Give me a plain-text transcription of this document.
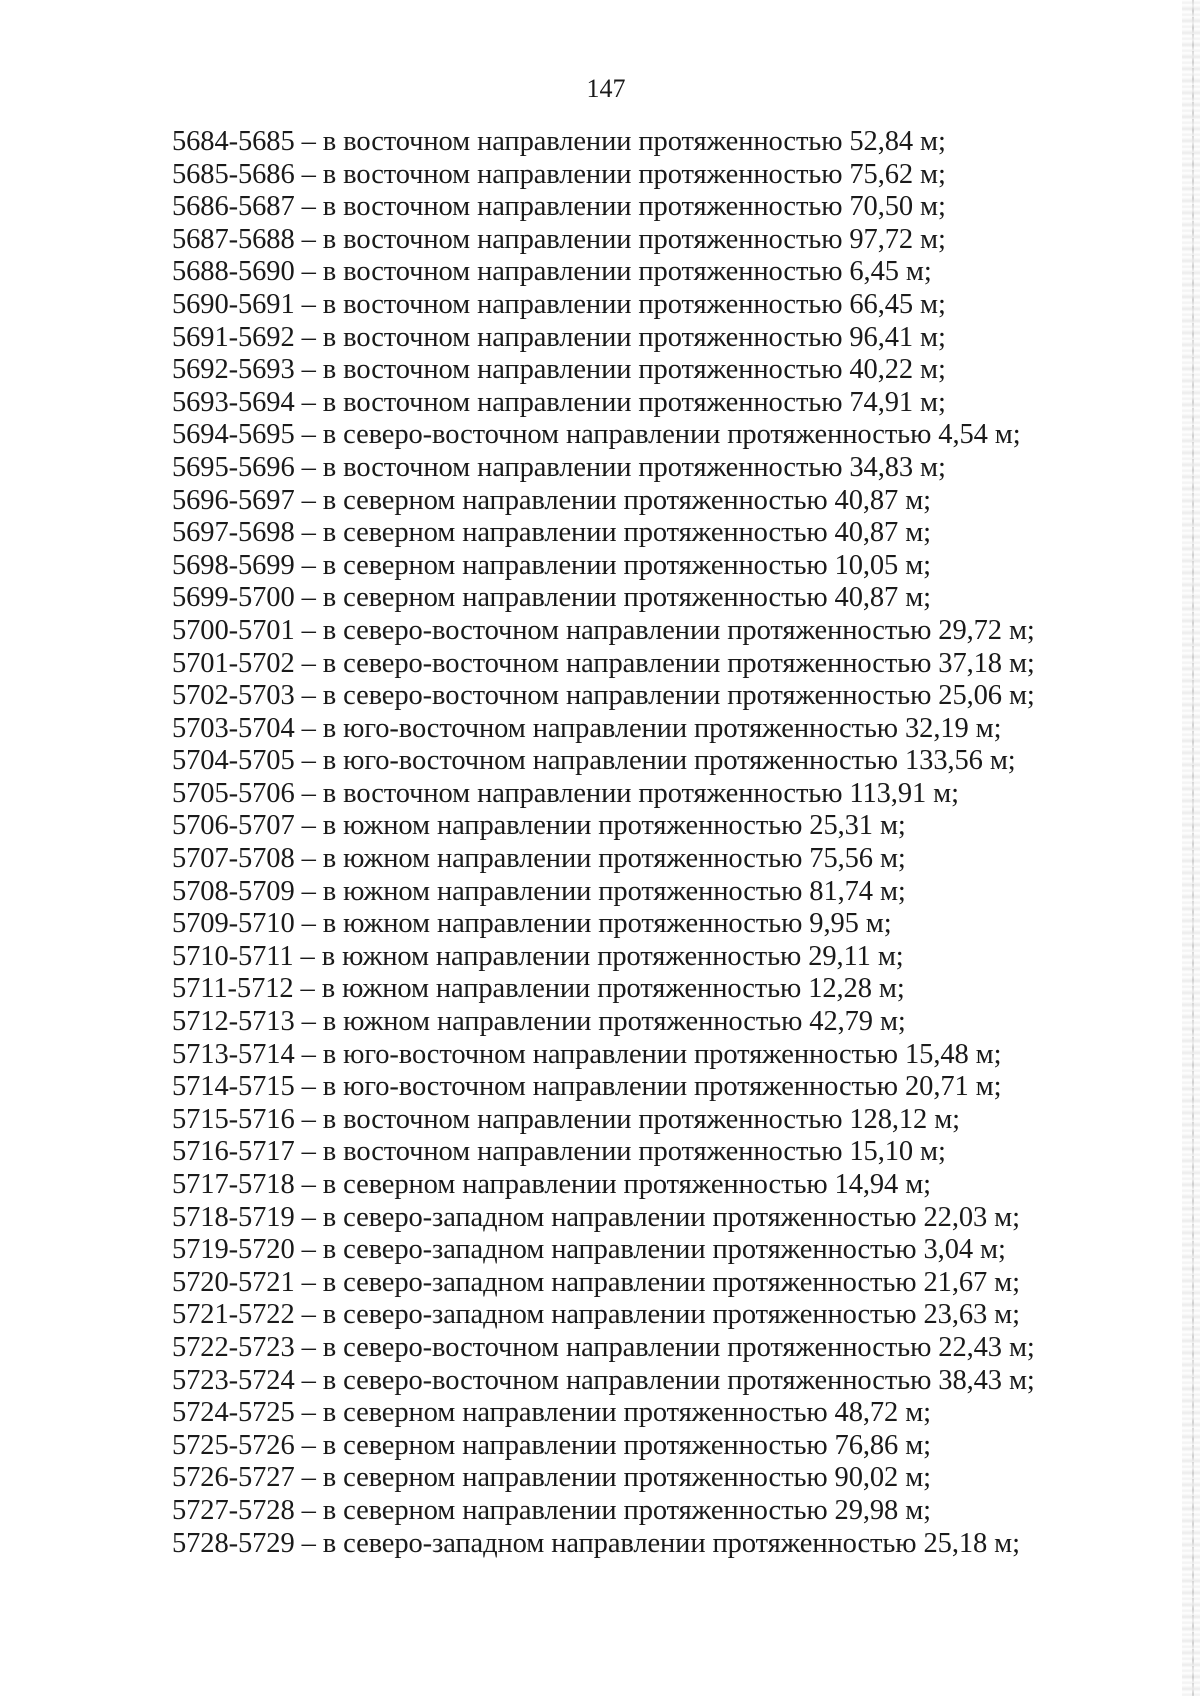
147
5684-5685 – в восточном направлении протяженностью 52,84 м;
5685-5686 – в восточном направлении протяженностью 75,62 м;
5686-5687 – в восточном направлении протяженностью 70,50 м;
5687-5688 – в восточном направлении протяженностью 97,72 м;
5688-5690 – в восточном направлении протяженностью 6,45 м;
5690-5691 – в восточном направлении протяженностью 66,45 м;
5691-5692 – в восточном направлении протяженностью 96,41 м;
5692-5693 – в восточном направлении протяженностью 40,22 м;
5693-5694 – в восточном направлении протяженностью 74,91 м;
5694-5695 – в северо-восточном направлении протяженностью 4,54 м;
5695-5696 – в восточном направлении протяженностью 34,83 м;
5696-5697 – в северном направлении протяженностью 40,87 м;
5697-5698 – в северном направлении протяженностью 40,87 м;
5698-5699 – в северном направлении протяженностью 10,05 м;
5699-5700 – в северном направлении протяженностью 40,87 м;
5700-5701 – в северо-восточном направлении протяженностью 29,72 м;
5701-5702 – в северо-восточном направлении протяженностью 37,18 м;
5702-5703 – в северо-восточном направлении протяженностью 25,06 м;
5703-5704 – в юго-восточном направлении протяженностью 32,19 м;
5704-5705 – в юго-восточном направлении протяженностью 133,56 м;
5705-5706 – в восточном направлении протяженностью 113,91 м;
5706-5707 – в южном направлении протяженностью 25,31 м;
5707-5708 – в южном направлении протяженностью 75,56 м;
5708-5709 – в южном направлении протяженностью 81,74 м;
5709-5710 – в южном направлении протяженностью 9,95 м;
5710-5711 – в южном направлении протяженностью 29,11 м;
5711-5712 – в южном направлении протяженностью 12,28 м;
5712-5713 – в южном направлении протяженностью 42,79 м;
5713-5714 – в юго-восточном направлении протяженностью 15,48 м;
5714-5715 – в юго-восточном направлении протяженностью 20,71 м;
5715-5716 – в восточном направлении протяженностью 128,12 м;
5716-5717 – в восточном направлении протяженностью 15,10 м;
5717-5718 – в северном направлении протяженностью 14,94 м;
5718-5719 – в северо-западном направлении протяженностью 22,03 м;
5719-5720 – в северо-западном направлении протяженностью 3,04 м;
5720-5721 – в северо-западном направлении протяженностью 21,67 м;
5721-5722 – в северо-западном направлении протяженностью 23,63 м;
5722-5723 – в северо-восточном направлении протяженностью 22,43 м;
5723-5724 – в северо-восточном направлении протяженностью 38,43 м;
5724-5725 – в северном направлении протяженностью 48,72 м;
5725-5726 – в северном направлении протяженностью 76,86 м;
5726-5727 – в северном направлении протяженностью 90,02 м;
5727-5728 – в северном направлении протяженностью 29,98 м;
5728-5729 – в северо-западном направлении протяженностью 25,18 м;
